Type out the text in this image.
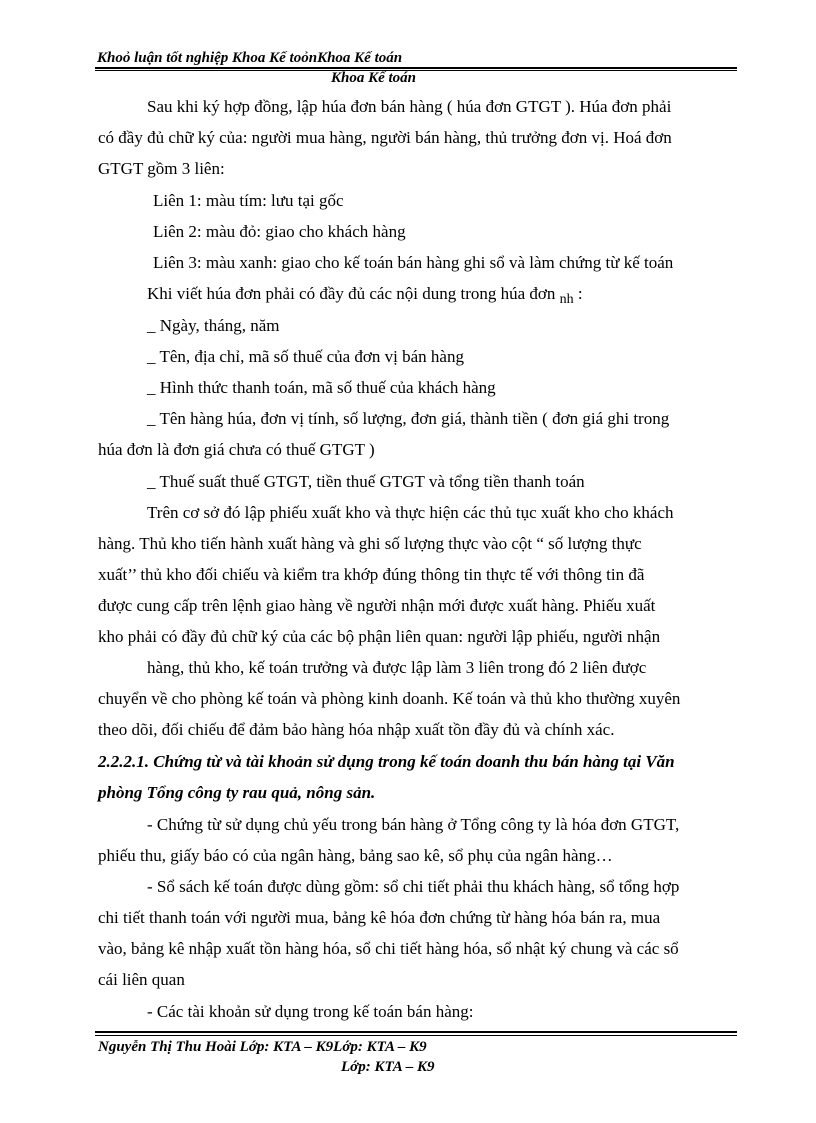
Khoỏ luận tốt nghiệp Khoa Kế toỏnKhoa Kế toán
Khoa Kế toán
Sau khi ký hợp đồng, lập húa đơn bán hàng ( húa đơn GTGT ). Húa đơn phải
có đầy đủ chữ ký của: người mua hàng, người bán hàng, thủ trưởng đơn vị. Hoá đơn
GTGT gồm 3 liên:
Liên 1: màu tím: lưu tại gốc
Liên 2: màu đỏ: giao cho khách hàng
Liên 3: màu xanh: giao cho kế toán bán hàng ghi sổ và làm chứng từ kế toán
Khi viết húa đơn phải có đầy đủ các nội dung trong húa đơn $_{nh}$ :
_ Ngày, tháng, năm
_ Tên, địa chỉ, mã số thuế của đơn vị bán hàng
_ Hình thức thanh toán, mã số thuế của khách hàng
_ Tên hàng húa, đơn vị tính, số lượng, đơn giá, thành tiền ( đơn giá ghi trong
húa đơn là đơn giá chưa có thuế GTGT )
_ Thuế suất thuế GTGT, tiền thuế GTGT và tổng tiền thanh toán
Trên cơ sở đó lập phiếu xuất kho và thực hiện các thủ tục xuất kho cho khách
hàng. Thủ kho tiến hành xuất hàng và ghi số lượng thực vào cột “ số lượng thực
xuất’’ thủ kho đối chiếu và kiểm tra khớp đúng thông tin thực tế với thông tin đã
được cung cấp trên lệnh giao hàng về người nhận mới được xuất hàng. Phiếu xuất
kho phải có đầy đủ chữ ký của các bộ phận liên quan: người lập phiếu, người nhận
hàng, thủ kho, kế toán trưởng và được lập làm 3 liên trong đó 2 liên được
chuyển về cho phòng kế toán và phòng kinh doanh. Kế toán và thủ kho thường xuyên
theo dõi, đối chiếu để đảm bảo hàng hóa nhập xuất tồn đầy đủ và chính xác.
2.2.2.1. Chứng từ và tài khoản sử dụng trong kế toán doanh thu bán hàng tại Văn
phòng Tổng công ty rau quả, nông sản.
- Chứng từ sử dụng chủ yếu trong bán hàng ở Tổng công ty là hóa đơn GTGT,
phiếu thu, giấy báo có của ngân hàng, bảng sao kê, sổ phụ của ngân hàng…
- Sổ sách kế toán được dùng gồm: sổ chi tiết phải thu khách hàng, sổ tổng hợp
chi tiết thanh toán với người mua, bảng kê hóa đơn chứng từ hàng hóa bán ra, mua
vào, bảng kê nhập xuất tồn hàng hóa, sổ chi tiết hàng hóa, sổ nhật ký chung và các sổ
cái liên quan
- Các tài khoản sử dụng trong kế toán bán hàng:
Nguyễn Thị Thu Hoài Lớp: KTA – K9Lớp: KTA – K9
Lớp: KTA – K9
